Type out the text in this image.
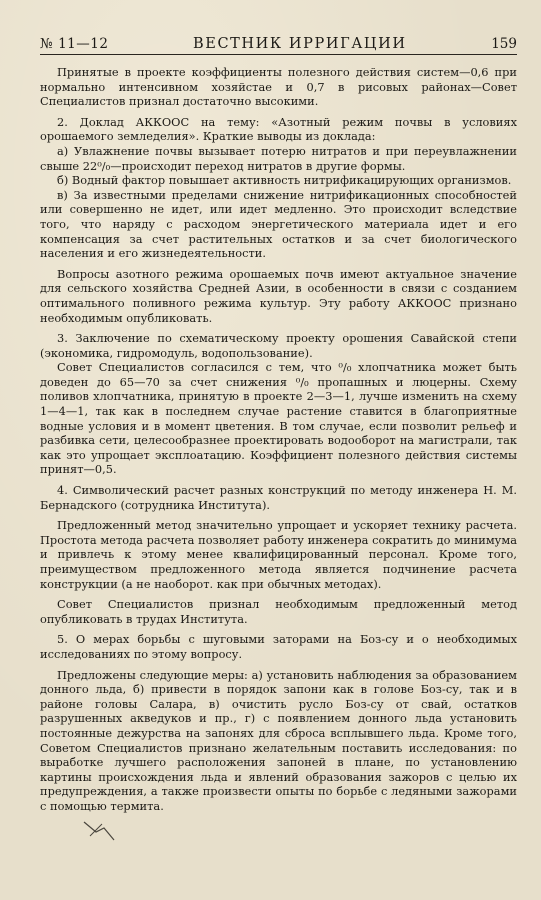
№ 11—12	ВЕСТНИК ИРРИГАЦИИ	159

Принятые в проекте коэффициенты полезного действия систем—0,6 при нормально интенсивном хозяйстае и 0,7 в рисовых районах—Совет Специалистов признал достаточно высокими.

2. Доклад АККООС на тему: «Азотный режим почвы в условиях орошаемого земледелия». Краткие выводы из доклада:

а) Увлажнение почвы вызывает потерю нитратов и при переувлажнении свыше 22⁰/₀—происходит переход нитратов в другие формы.

б) Водный фактор повышает активность нитрификацирующих организмов.

в) За известными пределами снижение нитрификационных способностей или совершенно не идет, или идет медленно. Это происходит вследствие того, что наряду с расходом энергетического материала идет и его компенсация за счет растительных остатков и за счет биологического населения и его жизнедеятельности.

Вопросы азотного режима орошаемых почв имеют актуальное значение для сельского хозяйства Средней Азии, в особенности в связи с созданием оптимального поливного режима культур. Эту работу АККООС признано необходимым опубликовать.

3. Заключение по схематическому проекту орошения Савайской степи (экономика, гидромодуль, водопользование).

Совет Специалистов согласился с тем, что ⁰/₀ хлопчатника может быть доведен до 65—70 за счет снижения ⁰/₀ пропашных и люцерны. Схему поливов хлопчатника, принятую в проекте 2—3—1, лучше изменить на схему 1—4—1, так как в последнем случае растение ставится в благоприятные водные условия и в момент цветения. В том случае, если позволит рельеф и разбивка сети, целесообразнее проектировать водооборот на магистрали, так как это упрощает эксплоатацию. Коэффициент полезного действия системы принят—0,5.

4. Символический расчет разных конструкций по методу инженера Н. М. Бернадского (сотрудника Института).

Предложенный метод значительно упрощает и ускоряет технику расчета. Простота метода расчета позволяет работу инженера сократить до минимума и привлечь к этому менее квалифицированный персонал. Кроме того, преимуществом предложенного метода является подчинение расчета конструкции (а не наоборот. как при обычных методах).

Совет Специалистов признал необходимым предложенный метод опубликовать в трудах Института.

5. О мерах борьбы с шуговыми заторами на Боз-су и о необходимых исследованиях по этому вопросу.

Предложены следующие меры: а) установить наблюдения за образованием донного льда, б) привести в порядок запони как в голове Боз-су, так и в районе головы Салара, в) очистить русло Боз-су от свай, остатков разрушенных акведуков и пр., г) с появлением донного льда установить постоянные дежурства на запонях для сброса всплывшего льда. Кроме того, Советом Специалистов признано желательным поставить исследования: по выработке лучшего расположения запоней в плане, по установлению картины происхождения льда и явлений образования зажоров с целью их предупреждения, а также произвести опыты по борьбе с ледяными зажорами с помощью термита.
